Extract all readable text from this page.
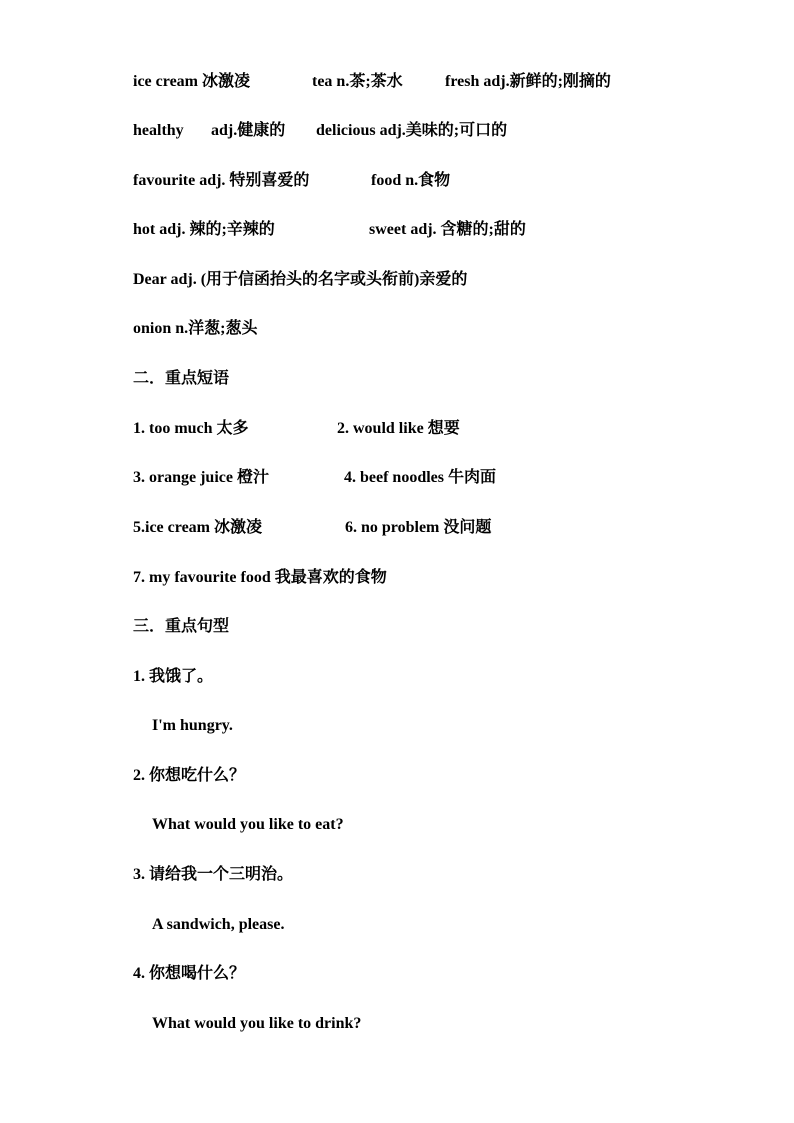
ice cream 冰激凌	tea n.茶;茶水	fresh adj.新鲜的;刚摘的
healthy adj.健康的 delicious adj.美味的;可口的
favourite adj. 特别喜爱的	food n.食物
hot adj. 辣的;辛辣的	sweet adj. 含糖的;甜的
Dear adj. (用于信函抬头的名字或头衔前)亲爱的
onion n.洋葱;葱头
二．重点短语
1. too much 太多	2. would like 想要
3. orange juice 橙汁	4. beef noodles 牛肉面
5.ice cream 冰激凌	6. no problem 没问题
7. my favourite food 我最喜欢的食物
三．重点句型
1. 我饿了。
I'm hungry.
2. 你想吃什么？
What would you like to eat?
3. 请给我一个三明治。
A sandwich, please.
4. 你想喝什么？
What would you like to drink?
